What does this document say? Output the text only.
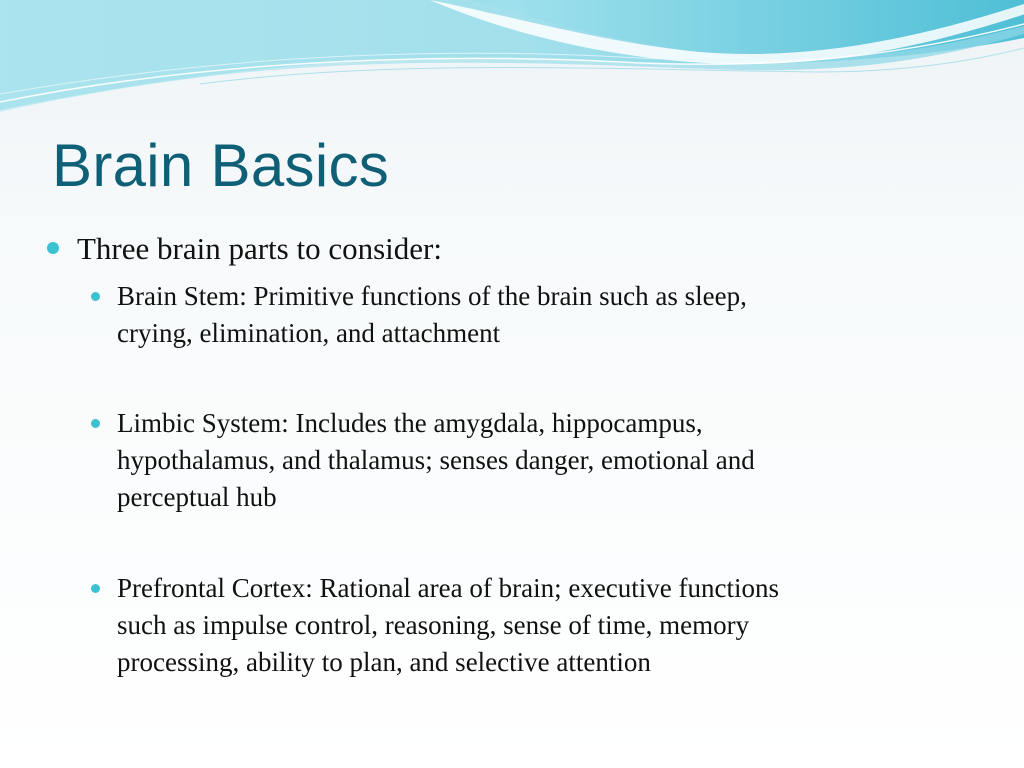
Brain Basics
Three brain parts to consider:
Brain Stem: Primitive functions of the brain such as sleep,
crying, elimination, and attachment
Limbic System: Includes the amygdala, hippocampus,
hypothalamus, and thalamus; senses danger, emotional and
perceptual hub
Prefrontal Cortex: Rational area of brain; executive functions
such as impulse control, reasoning, sense of time, memory
processing, ability to plan, and selective attention
